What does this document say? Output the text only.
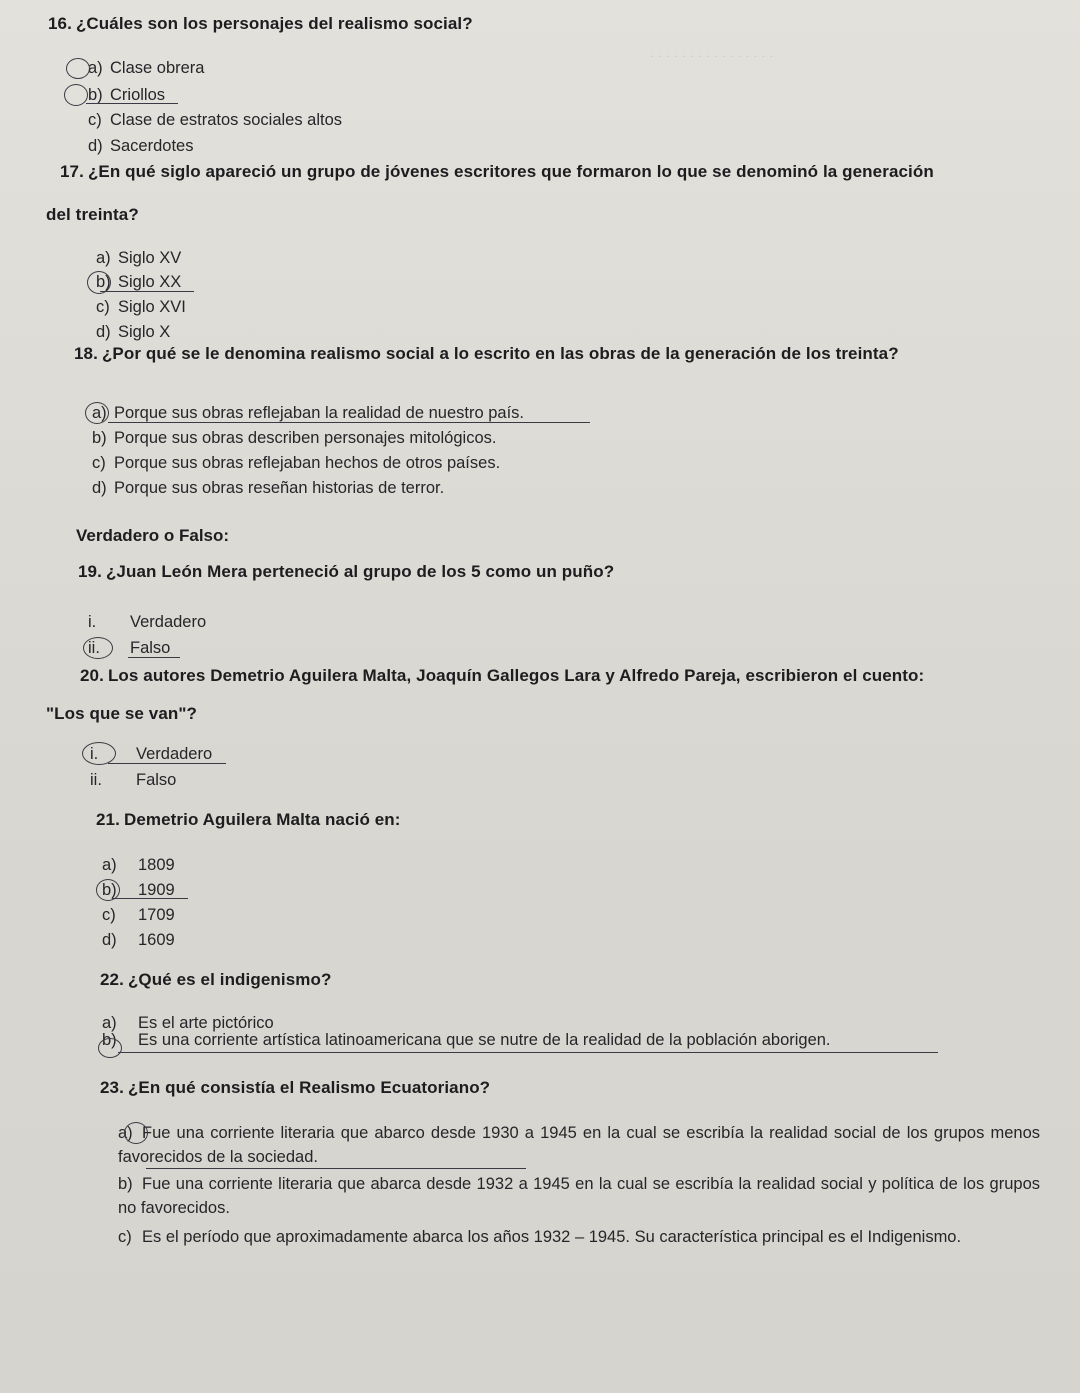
· · · · · · · · · · · · · · · ·
16. ¿Cuáles son los personajes del realismo social?
a) Clase obrera
b) Criollos
c) Clase de estratos sociales altos
d) Sacerdotes
17. ¿En qué siglo apareció un grupo de jóvenes escritores que formaron lo que se denominó la generación
del treinta?
a) Siglo XV
b) Siglo XX
c) Siglo XVI
d) Siglo X
18. ¿Por qué se le denomina realismo social a lo escrito en las obras de la generación de los treinta?
a) Porque sus obras reflejaban la realidad de nuestro país.
b) Porque sus obras describen personajes mitológicos.
c) Porque sus obras reflejaban hechos de otros países.
d) Porque sus obras reseñan historias de terror.
Verdadero o Falso:
19. ¿Juan León Mera perteneció al grupo de los 5 como un puño?
i. Verdadero
ii. Falso
20. Los autores Demetrio Aguilera Malta, Joaquín Gallegos Lara y Alfredo Pareja, escribieron el cuento:
"Los que se van"?
i. Verdadero
ii. Falso
21. Demetrio Aguilera Malta nació en:
a) 1809
b) 1909
c) 1709
d) 1609
22. ¿Qué es el indigenismo?
a) Es el arte pictórico
b) Es una corriente artística latinoamericana que se nutre de la realidad de la población aborigen.
23. ¿En qué consistía el Realismo Ecuatoriano?
a) Fue una corriente literaria que abarco desde 1930 a 1945 en la cual se escribía la realidad social de los grupos menos favorecidos de la sociedad.
b) Fue una corriente literaria que abarca desde 1932 a 1945 en la cual se escribía la realidad social y política de los grupos no favorecidos.
c) Es el período que aproximadamente abarca los años 1932 – 1945. Su característica principal es el Indigenismo.
